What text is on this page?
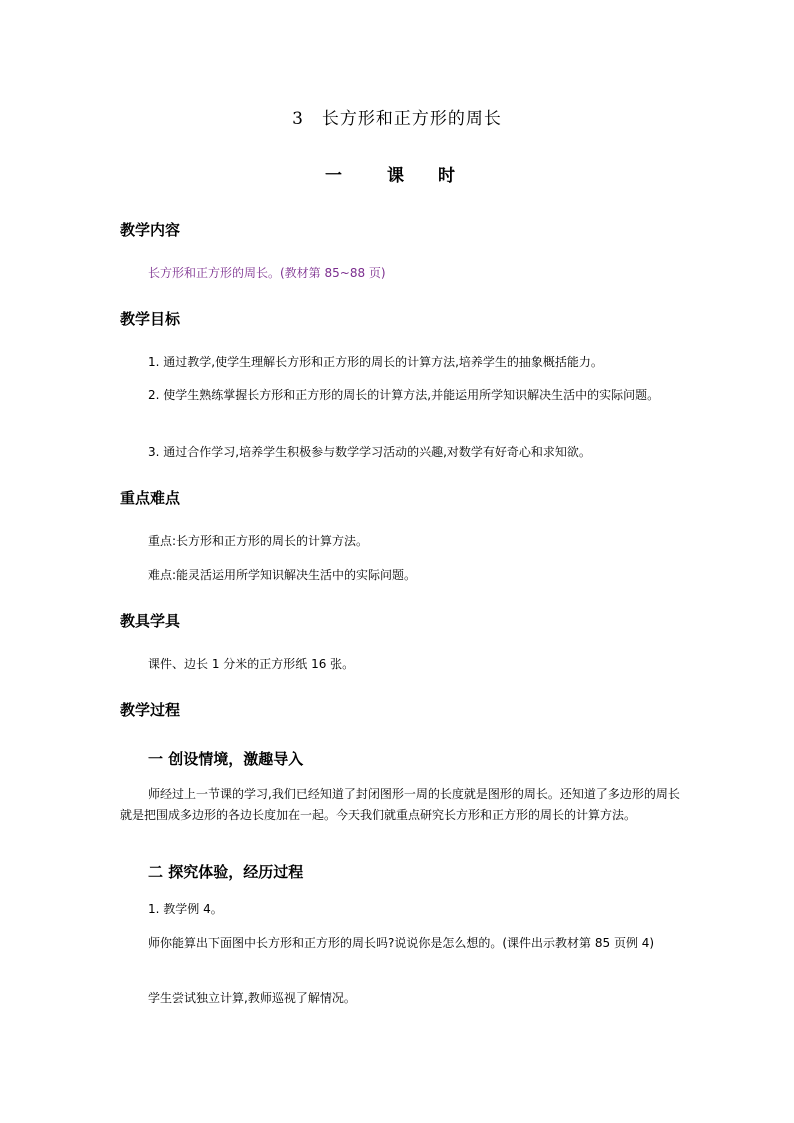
3　长方形和正方形的周长
一　课 时
教学内容
长方形和正方形的周长。(教材第 85~88 页)
教学目标
1. 通过教学,使学生理解长方形和正方形的周长的计算方法,培养学生的抽象概括能力。
2. 使学生熟练掌握长方形和正方形的周长的计算方法,并能运用所学知识解决生活中的实际问题。
3. 通过合作学习,培养学生积极参与数学学习活动的兴趣,对数学有好奇心和求知欲。
重点难点
重点:长方形和正方形的周长的计算方法。
难点:能灵活运用所学知识解决生活中的实际问题。
教具学具
课件、边长 1 分米的正方形纸 16 张。
教学过程
一 创设情境，激趣导入
师经过上一节课的学习,我们已经知道了封闭图形一周的长度就是图形的周长。还知道了多边形的周长就是把围成多边形的各边长度加在一起。今天我们就重点研究长方形和正方形的周长的计算方法。
二 探究体验，经历过程
1. 教学例 4。
师你能算出下面图中长方形和正方形的周长吗?说说你是怎么想的。(课件出示教材第 85 页例 4)
学生尝试独立计算,教师巡视了解情况。
